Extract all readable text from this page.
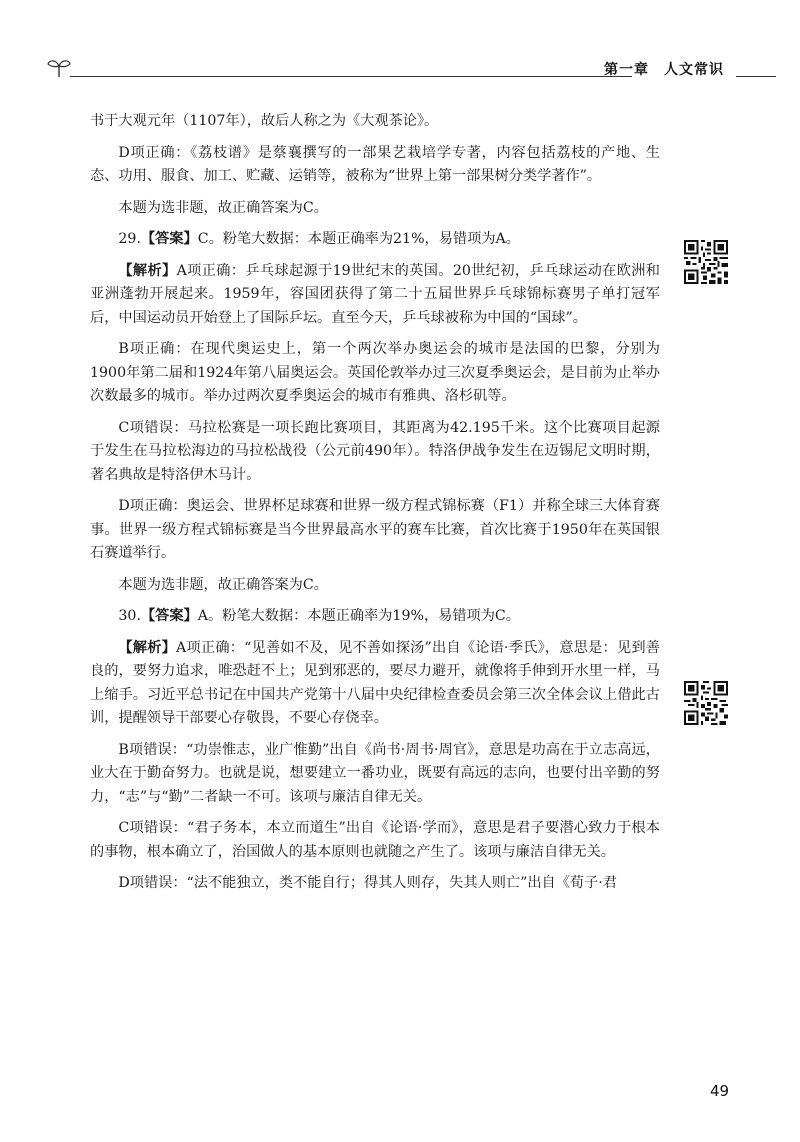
第一章　人文常识

书于大观元年（1107年），故后人称之为《大观茶论》。

D项正确：《荔枝谱》是蔡襄撰写的一部果艺栽培学专著，内容包括荔枝的产地、生态、功用、服食、加工、贮藏、运销等，被称为“世界上第一部果树分类学著作”。

本题为选非题，故正确答案为C。

29.【答案】C。粉笔大数据：本题正确率为21%，易错项为A。

【解析】A项正确：乒乓球起源于19世纪末的英国。20世纪初，乒乓球运动在欧洲和亚洲蓬勃开展起来。1959年，容国团获得了第二十五届世界乒乓球锦标赛男子单打冠军后，中国运动员开始登上了国际乒坛。直至今天，乒乓球被称为中国的“国球”。

B项正确：在现代奥运史上，第一个两次举办奥运会的城市是法国的巴黎，分别为1900年第二届和1924年第八届奥运会。英国伦敦举办过三次夏季奥运会，是目前为止举办次数最多的城市。举办过两次夏季奥运会的城市有雅典、洛杉矶等。

C项错误：马拉松赛是一项长跑比赛项目，其距离为42.195千米。这个比赛项目起源于发生在马拉松海边的马拉松战役（公元前490年）。特洛伊战争发生在迈锡尼文明时期，著名典故是特洛伊木马计。

D项正确：奥运会、世界杯足球赛和世界一级方程式锦标赛（F1）并称全球三大体育赛事。世界一级方程式锦标赛是当今世界最高水平的赛车比赛，首次比赛于1950年在英国银石赛道举行。

本题为选非题，故正确答案为C。

30.【答案】A。粉笔大数据：本题正确率为19%，易错项为C。

【解析】A项正确：“见善如不及，见不善如探汤”出自《论语·季氏》，意思是：见到善良的，要努力追求，唯恐赶不上；见到邪恶的，要尽力避开，就像将手伸到开水里一样，马上缩手。习近平总书记在中国共产党第十八届中央纪律检查委员会第三次全体会议上借此古训，提醒领导干部要心存敬畏，不要心存侥幸。

B项错误：“功崇惟志，业广惟勤”出自《尚书·周书·周官》，意思是功高在于立志高远，业大在于勤奋努力。也就是说，想要建立一番功业，既要有高远的志向，也要付出辛勤的努力，“志”与“勤”二者缺一不可。该项与廉洁自律无关。

C项错误：“君子务本，本立而道生”出自《论语·学而》，意思是君子要潜心致力于根本的事物，根本确立了，治国做人的基本原则也就随之产生了。该项与廉洁自律无关。

D项错误：“法不能独立，类不能自行；得其人则存，失其人则亡”出自《荀子·君

49
